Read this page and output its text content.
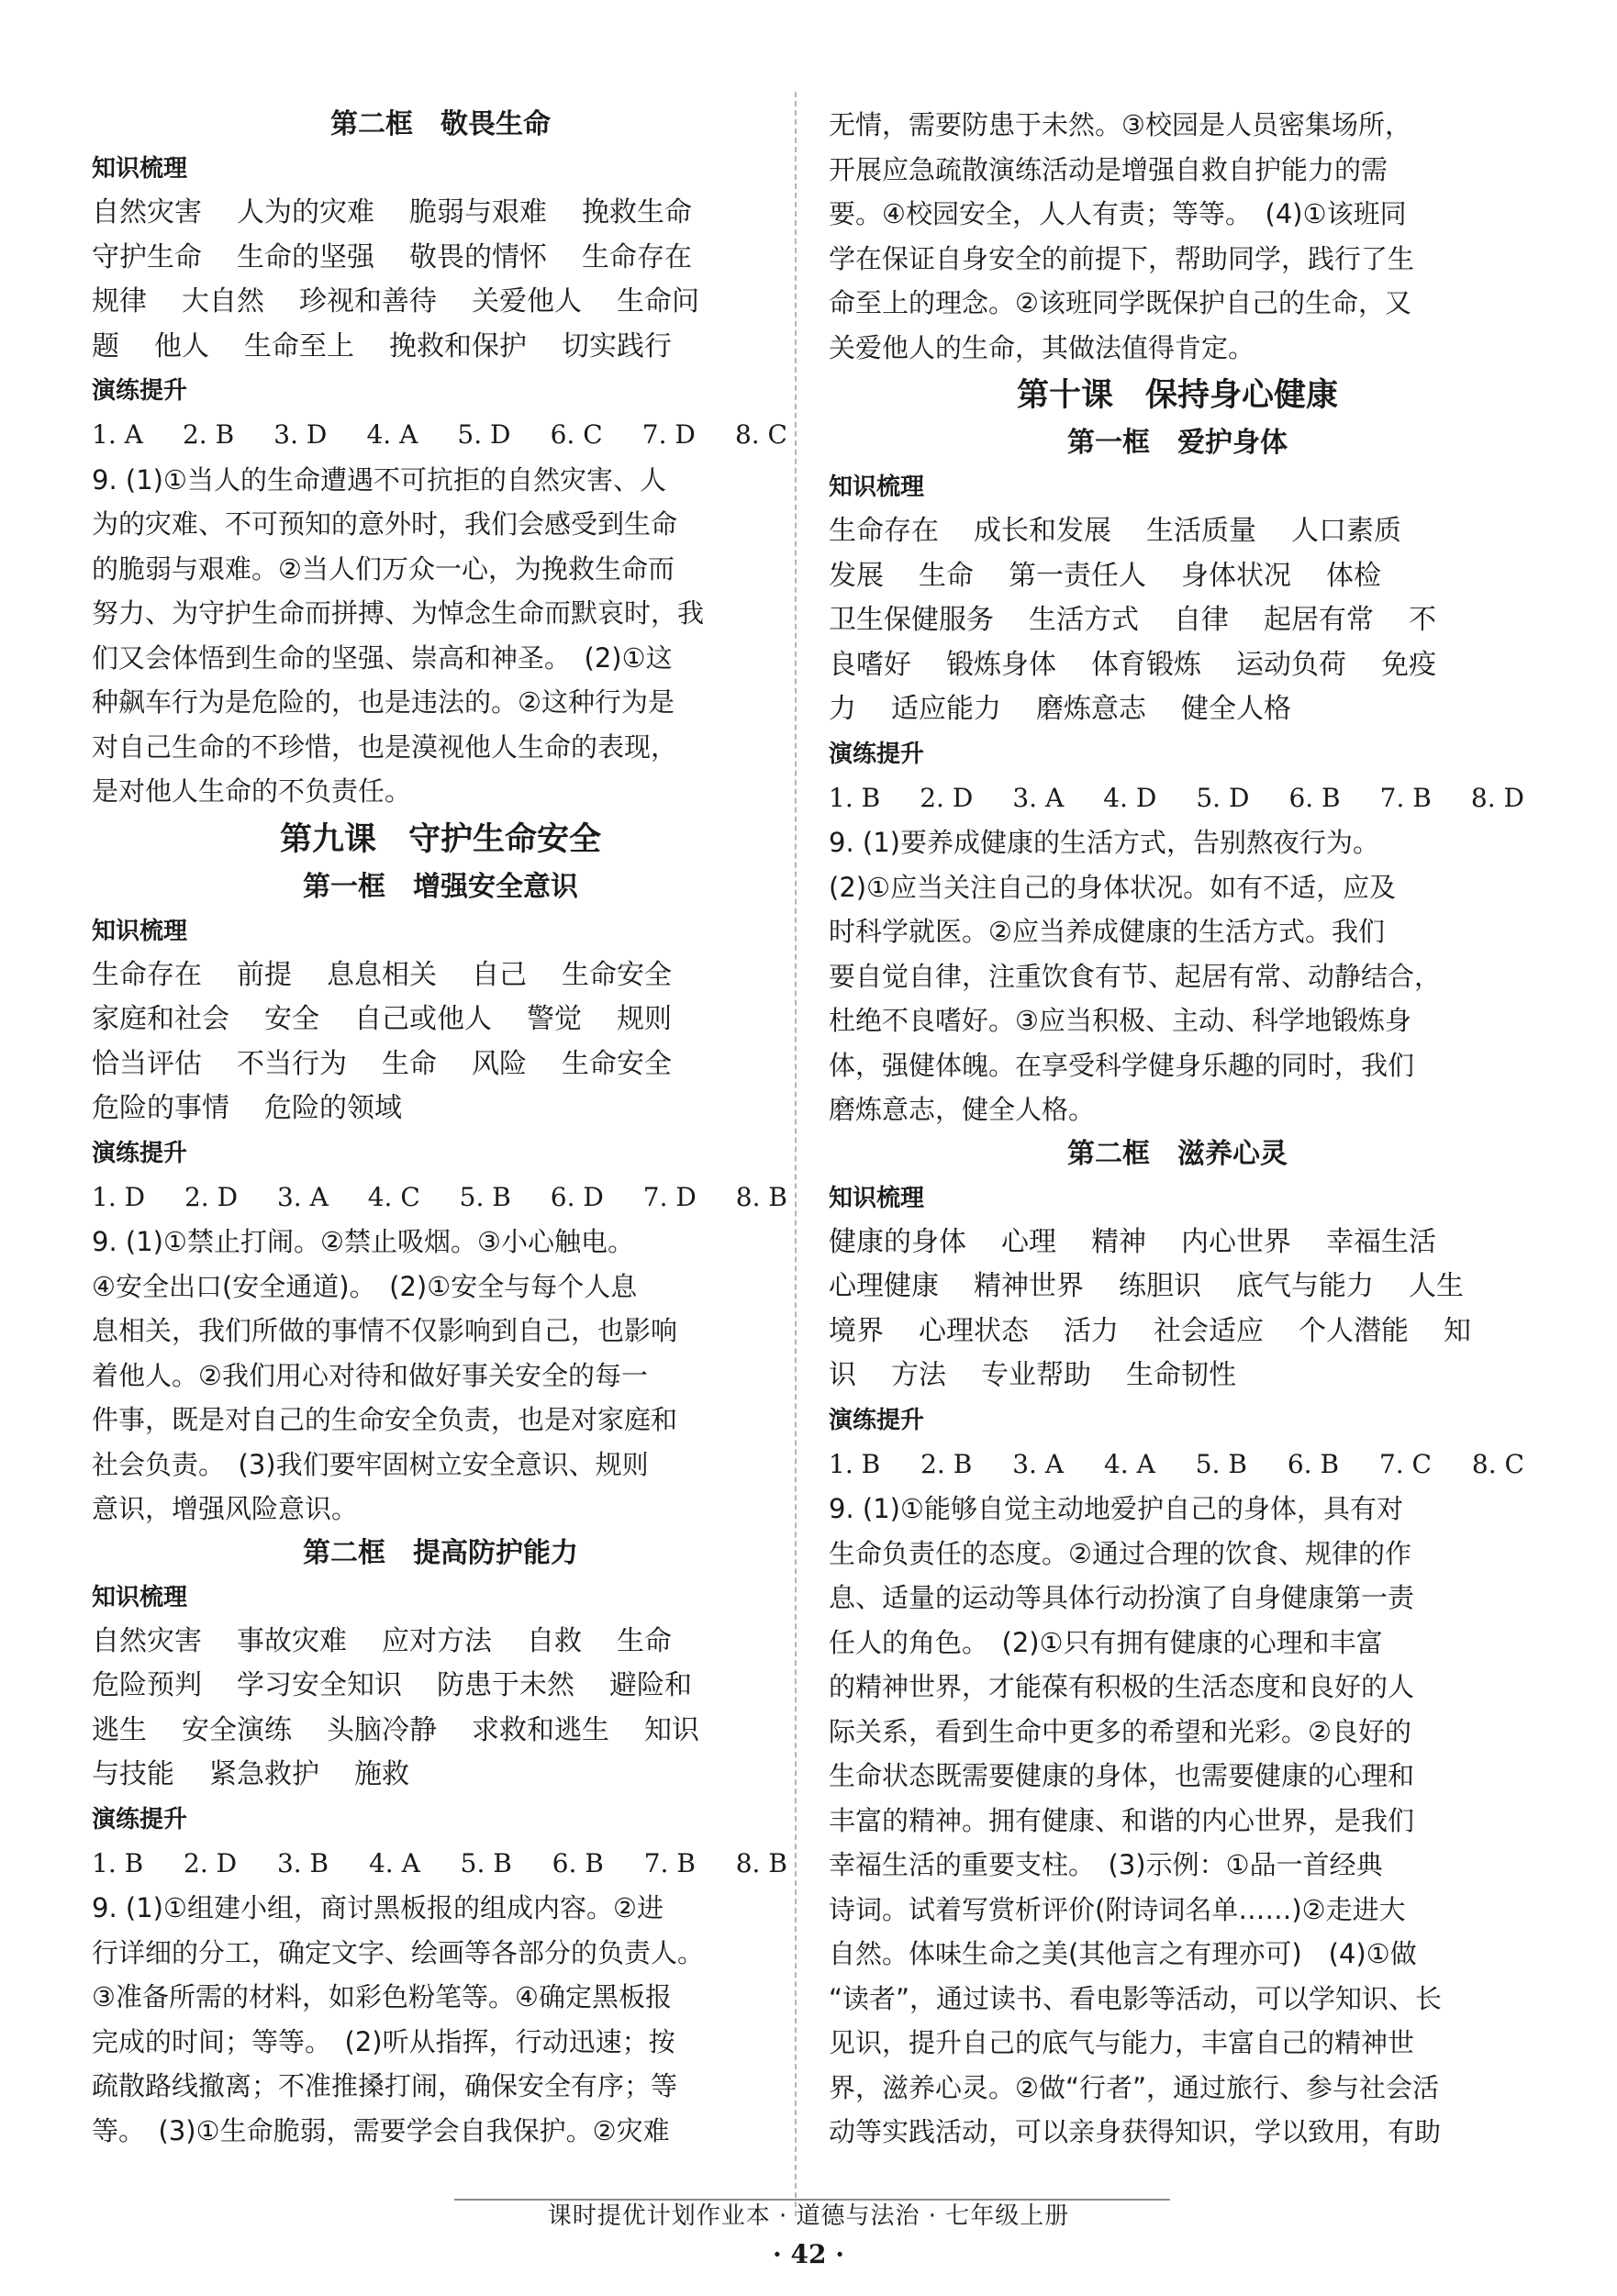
第二框　敬畏生命
知识梳理
自然灾害 人为的灾难 脆弱与艰难 挽救生命
守护生命 生命的坚强 敬畏的情怀 生命存在
规律 大自然 珍视和善待 关爱他人 生命问
题 他人 生命至上 挽救和保护 切实践行
演练提升
1. A 2. B 3. D 4. A 5. D 6. C 7. D 8. C
9. (1)①当人的生命遭遇不可抗拒的自然灾害、人
为的灾难、不可预知的意外时，我们会感受到生命
的脆弱与艰难。②当人们万众一心，为挽救生命而
努力、为守护生命而拼搏、为悼念生命而默哀时，我
们又会体悟到生命的坚强、崇高和神圣。　(2)①这
种飙车行为是危险的，也是违法的。②这种行为是
对自己生命的不珍惜，也是漠视他人生命的表现，
是对他人生命的不负责任。
第九课　守护生命安全
第一框　增强安全意识
知识梳理
生命存在 前提 息息相关 自己 生命安全
家庭和社会 安全 自己或他人 警觉 规则
恰当评估 不当行为 生命 风险 生命安全
危险的事情 危险的领域
演练提升
1. D 2. D 3. A 4. C 5. B 6. D 7. D 8. B
9. (1)①禁止打闹。②禁止吸烟。③小心触电。
④安全出口(安全通道)。　(2)①安全与每个人息
息相关，我们所做的事情不仅影响到自己，也影响
着他人。②我们用心对待和做好事关安全的每一
件事，既是对自己的生命安全负责，也是对家庭和
社会负责。　(3)我们要牢固树立安全意识、规则
意识，增强风险意识。
第二框　提高防护能力
知识梳理
自然灾害 事故灾难 应对方法 自救 生命
危险预判 学习安全知识 防患于未然 避险和
逃生 安全演练 头脑冷静 求救和逃生 知识
与技能 紧急救护 施救
演练提升
1. B 2. D 3. B 4. A 5. B 6. B 7. B 8. B
9. (1)①组建小组，商讨黑板报的组成内容。②进
行详细的分工，确定文字、绘画等各部分的负责人。
③准备所需的材料，如彩色粉笔等。④确定黑板报
完成的时间；等等。　(2)听从指挥，行动迅速；按
疏散路线撤离；不准推搡打闹，确保安全有序；等
等。　(3)①生命脆弱，需要学会自我保护。②灾难
无情，需要防患于未然。③校园是人员密集场所，
开展应急疏散演练活动是增强自救自护能力的需
要。④校园安全，人人有责；等等。　(4)①该班同
学在保证自身安全的前提下，帮助同学，践行了生
命至上的理念。②该班同学既保护自己的生命，又
关爱他人的生命，其做法值得肯定。
第十课　保持身心健康
第一框　爱护身体
知识梳理
生命存在 成长和发展 生活质量 人口素质
发展 生命 第一责任人 身体状况 体检
卫生保健服务 生活方式 自律 起居有常 不
良嗜好 锻炼身体 体育锻炼 运动负荷 免疫
力 适应能力 磨炼意志 健全人格
演练提升
1. B 2. D 3. A 4. D 5. D 6. B 7. B 8. D
9. (1)要养成健康的生活方式，告别熬夜行为。
(2)①应当关注自己的身体状况。如有不适，应及
时科学就医。②应当养成健康的生活方式。我们
要自觉自律，注重饮食有节、起居有常、动静结合，
杜绝不良嗜好。③应当积极、主动、科学地锻炼身
体，强健体魄。在享受科学健身乐趣的同时，我们
磨炼意志，健全人格。
第二框　滋养心灵
知识梳理
健康的身体 心理 精神 内心世界 幸福生活
心理健康 精神世界 练胆识 底气与能力 人生
境界 心理状态 活力 社会适应 个人潜能 知
识 方法 专业帮助 生命韧性
演练提升
1. B 2. B 3. A 4. A 5. B 6. B 7. C 8. C
9. (1)①能够自觉主动地爱护自己的身体，具有对
生命负责任的态度。②通过合理的饮食、规律的作
息、适量的运动等具体行动扮演了自身健康第一责
任人的角色。　(2)①只有拥有健康的心理和丰富
的精神世界，才能葆有积极的生活态度和良好的人
际关系，看到生命中更多的希望和光彩。②良好的
生命状态既需要健康的身体，也需要健康的心理和
丰富的精神。拥有健康、和谐的内心世界，是我们
幸福生活的重要支柱。　(3)示例：①品一首经典
诗词。试着写赏析评价(附诗词名单……)②走进大
自然。体味生命之美(其他言之有理亦可)　(4)①做
“读者”，通过读书、看电影等活动，可以学知识、长
见识，提升自己的底气与能力，丰富自己的精神世
界，滋养心灵。②做“行者”，通过旅行、参与社会活
动等实践活动，可以亲身获得知识，学以致用，有助
课时提优计划作业本 · 道德与法治 · 七年级上册
· 42 ·
